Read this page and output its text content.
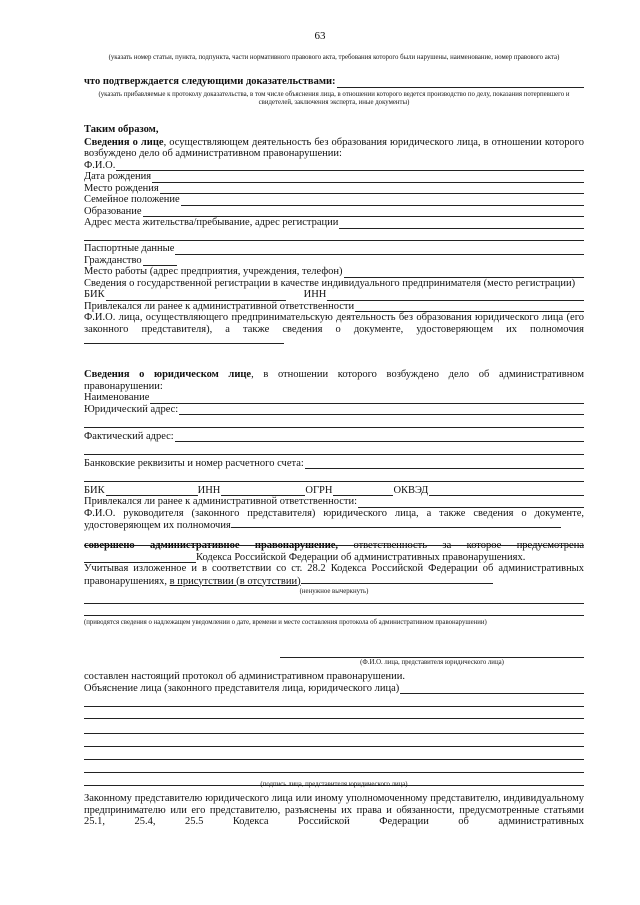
63
(указать номер статьи, пункта, подпункта, части нормативного правового акта, требования которого были нарушены, наименование, номер правового акта)
что подтверждается следующими доказательствами:
(указать прибавляемые к протоколу доказательства, в том числе объяснения лица, в отношении которого ведется производство по делу, показания потерпевшего и свидетелей, заключения эксперта, иные документы)
Таким образом,
Сведения о лице, осуществляющем деятельность без образования юридического лица, в отношении которого возбуждено дело об административном правонарушении:
Ф.И.О.
Дата рождения
Место рождения
Семейное положение
Образование
Адрес места жительства/пребывание, адрес регистрации
Паспортные данные
Гражданство
Место работы (адрес предприятия, учреждения, телефон)
Сведения о государственной регистрации в качестве индивидуального предпринимателя (место регистрации)
БИК	ИНН
Привлекался ли ранее к административной ответственности
Ф.И.О. лица, осуществляющего предпринимательскую деятельность без образования юридического лица (его законного представителя), а также сведения о документе, удостоверяющем их полномочия
Сведения о юридическом лице, в отношении которого возбуждено дело об административном правонарушении:
Наименование
Юридический адрес:
Фактический адрес:
Банковские реквизиты и номер расчетного счета:
БИК	ИНН	ОГРН	ОКВЭД
Привлекался ли ранее к административной ответственности:
Ф.И.О. руководителя (законного представителя) юридического лица, а также сведения о документе, удостоверяющем их полномочия
совершено административное правонарушение, ответственность за которое предусмотрена
Кодекса Российской Федерации об административных правонарушениях.
Учитывая изложенное и в соответствии со ст. 28.2 Кодекса Российской Федерации об административных правонарушениях, в присутствии (в отсутствии)
(ненужное вычеркнуть)
(приводятся сведения о надлежащем уведомлении о дате, времени и месте составления протокола об административном правонарушении)
(Ф.И.О. лица, представителя юридического лица)
составлен настоящий протокол об административном правонарушении.
Объяснение лица (законного представителя лица, юридического лица)
(подпись лица, представителя юридического лица)
Законному представителю юридического лица или иному уполномоченному представителю, индивидуальному предпринимателю или его представителю, разъяснены их права и обязанности, предусмотренные статьями 25.1, 25.4, 25.5 Кодекса Российской Федерации об административных
